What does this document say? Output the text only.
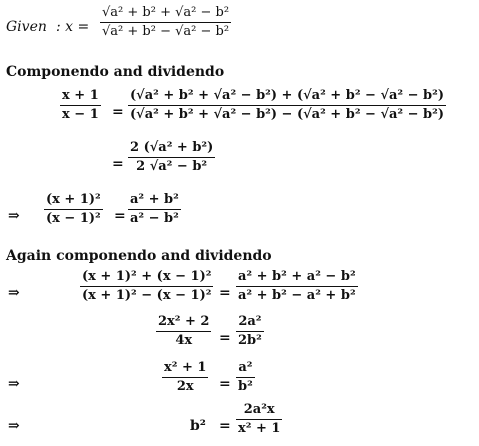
Given : $x = \frac{\text{√a² + b² + √a² − b²}}{\text{√a² + b² − √a² − b²}}$
Componendo and dividendo
$\frac{x + 1}{x - 1} = \frac{\text{(√a² + b² + √a² − b²) + (√a² + b² − √a² − b²)}}{\text{(√a² + b² + √a² − b²) − (√a² + b² − √a² − b²)}}$
= $\frac{\text{2 (√a² + b²)}}{\text{2 √a² − b²}}$
⇒ $\frac{\text{(x + 1)²}}{\text{(x − 1)²}} = \frac{\text{a² + b²}}{\text{a² − b²}}$
Again componendo and dividendo
⇒	$\frac{\text{(x + 1)² + (x − 1)²}}{\text{(x + 1)² − (x − 1)²}} = \frac{\text{a² + b² + a² − b²}}{\text{a² + b² − a² + b²}}$
$\frac{\text{2x² + 2}}{4x} = \frac{\text{2a²}}{\text{2b²}}$
⇒	$\frac{\text{x² + 1}}{2x} = \frac{\text{a²}}{\text{b²}}$
⇒	$b^2 = \frac{\text{2a²x}}{\text{x² + 1}}$
